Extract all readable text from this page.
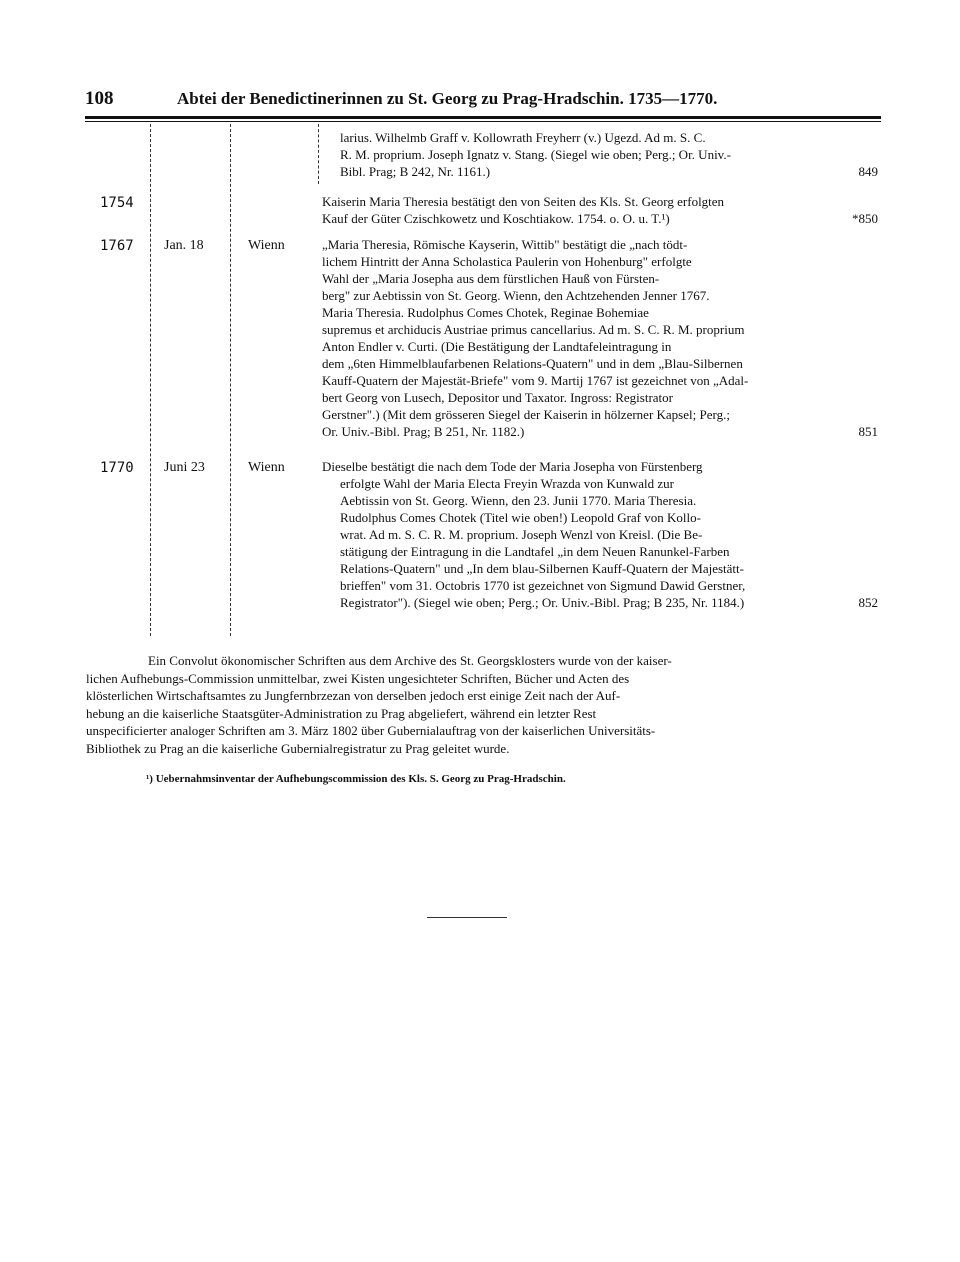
108	Abtei der Benedictinerinnen zu St. Georg zu Prag-Hradschin. 1735—1770.
larius. Wilhelmb Graff v. Kollowrath Freyherr (v.) Ugezd. Ad m. S. C.
R. M. proprium. Joseph Ignatz v. Stang. (Siegel wie oben; Perg.; Or. Univ.-
Bibl. Prag; B 242, Nr. 1161.)	849
1754	Kaiserin Maria Theresia bestätigt den von Seiten des Kls. St. Georg erfolgten
Kauf der Güter Czischkowetz und Koschtiakow. 1754. o. O. u. T.¹)	*850
1767 Jan. 18	Wienn	„Maria Theresia, Römische Kayserin, Wittib" bestätigt die „nach tödt-
lichem Hintritt der Anna Scholastica Paulerin von Hohenburg" erfolgte
Wahl der „Maria Josepha aus dem fürstlichen Hauß von Fürsten-
berg" zur Aebtissin von St. Georg. Wienn, den Achtzehenden Jenner 1767.
Maria Theresia. Rudolphus Comes Chotek, Reginae Bohemiae
supremus et archiducis Austriae primus cancellarius. Ad m. S. C. R. M. proprium
Anton Endler v. Curti. (Die Bestätigung der Landtafeleintragung in
dem „6ten Himmelblaufarbenen Relations-Quatern" und in dem „Blau-Silbernen
Kauff-Quatern der Majestät-Briefe" vom 9. Martij 1767 ist gezeichnet von „Adal-
bert Georg von Lusech, Depositor und Taxator. Ingross: Registrator
Gerstner".) (Mit dem grösseren Siegel der Kaiserin in hölzerner Kapsel; Perg.;
Or. Univ.-Bibl. Prag; B 251, Nr. 1182.)	851
1770 Juni 23	Wienn	Dieselbe bestätigt die nach dem Tode der Maria Josepha von Fürstenberg
erfolgte Wahl der Maria Electa Freyin Wrazda von Kunwald zur
Aebtissin von St. Georg. Wienn, den 23. Junii 1770. Maria Theresia.
Rudolphus Comes Chotek (Titel wie oben!) Leopold Graf von Kollo-
wrat. Ad m. S. C. R. M. proprium. Joseph Wenzl von Kreisl. (Die Be-
stätigung der Eintragung in die Landtafel „in dem Neuen Ranunkel-Farben
Relations-Quatern" und „In dem blau-Silbernen Kauff-Quatern der Majestätt-
brieffen" vom 31. Octobris 1770 ist gezeichnet von Sigmund Dawid Gerstner,
Registrator"). (Siegel wie oben; Perg.; Or. Univ.-Bibl. Prag; B 235, Nr. 1184.)	852
Ein Convolut ökonomischer Schriften aus dem Archive des St. Georgsklosters wurde von der kaiser-
lichen Aufhebungs-Commission unmittelbar, zwei Kisten ungesichteter Schriften, Bücher und Acten des
klösterlichen Wirtschaftsamtes zu Jungfernbrzezan von derselben jedoch erst einige Zeit nach der Auf-
hebung an die kaiserliche Staatsgüter-Administration zu Prag abgeliefert, während ein letzter Rest
unspecificierter analoger Schriften am 3. März 1802 über Gubernialauftrag von der kaiserlichen Universitäts-
Bibliothek zu Prag an die kaiserliche Gubernialregistratur zu Prag geleitet wurde.
¹) Uebernahmsinventar der Aufhebungscommission des Kls. S. Georg zu Prag-Hradschin.
